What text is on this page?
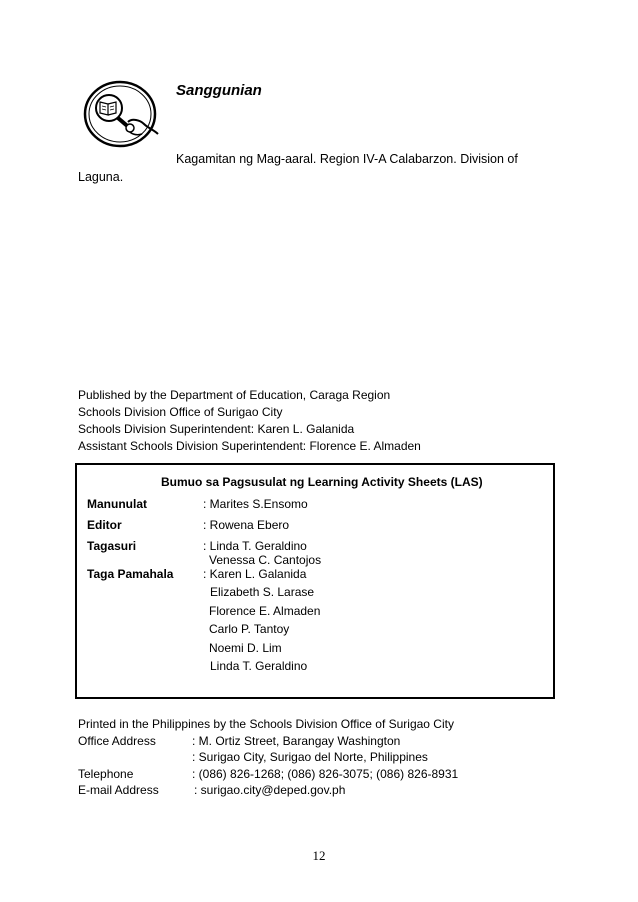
Sanggunian
Kagamitan ng Mag-aaral. Region IV-A Calabarzon. Division of
Laguna.
Published by the Department of Education, Caraga Region
Schools Division Office of Surigao City
Schools Division Superintendent: Karen L. Galanida
Assistant Schools Division Superintendent: Florence E. Almaden
Bumuo sa Pagsusulat ng Learning Activity Sheets (LAS)
Manunulat	: Marites S.Ensomo
Editor	: Rowena Ebero
Tagasuri	: Linda T. Geraldino
Venessa C. Cantojos
Taga Pamahala : Karen L. Galanida
Elizabeth S. Larase
Florence E. Almaden
Carlo P. Tantoy
Noemi D. Lim
Linda T. Geraldino
Printed in the Philippines by the Schools Division Office of Surigao City
Office Address	: M. Ortiz Street, Barangay Washington
: Surigao City, Surigao del Norte, Philippines
Telephone	: (086) 826-1268; (086) 826-3075; (086) 826-8931
E-mail Address	: surigao.city@deped.gov.ph
12
